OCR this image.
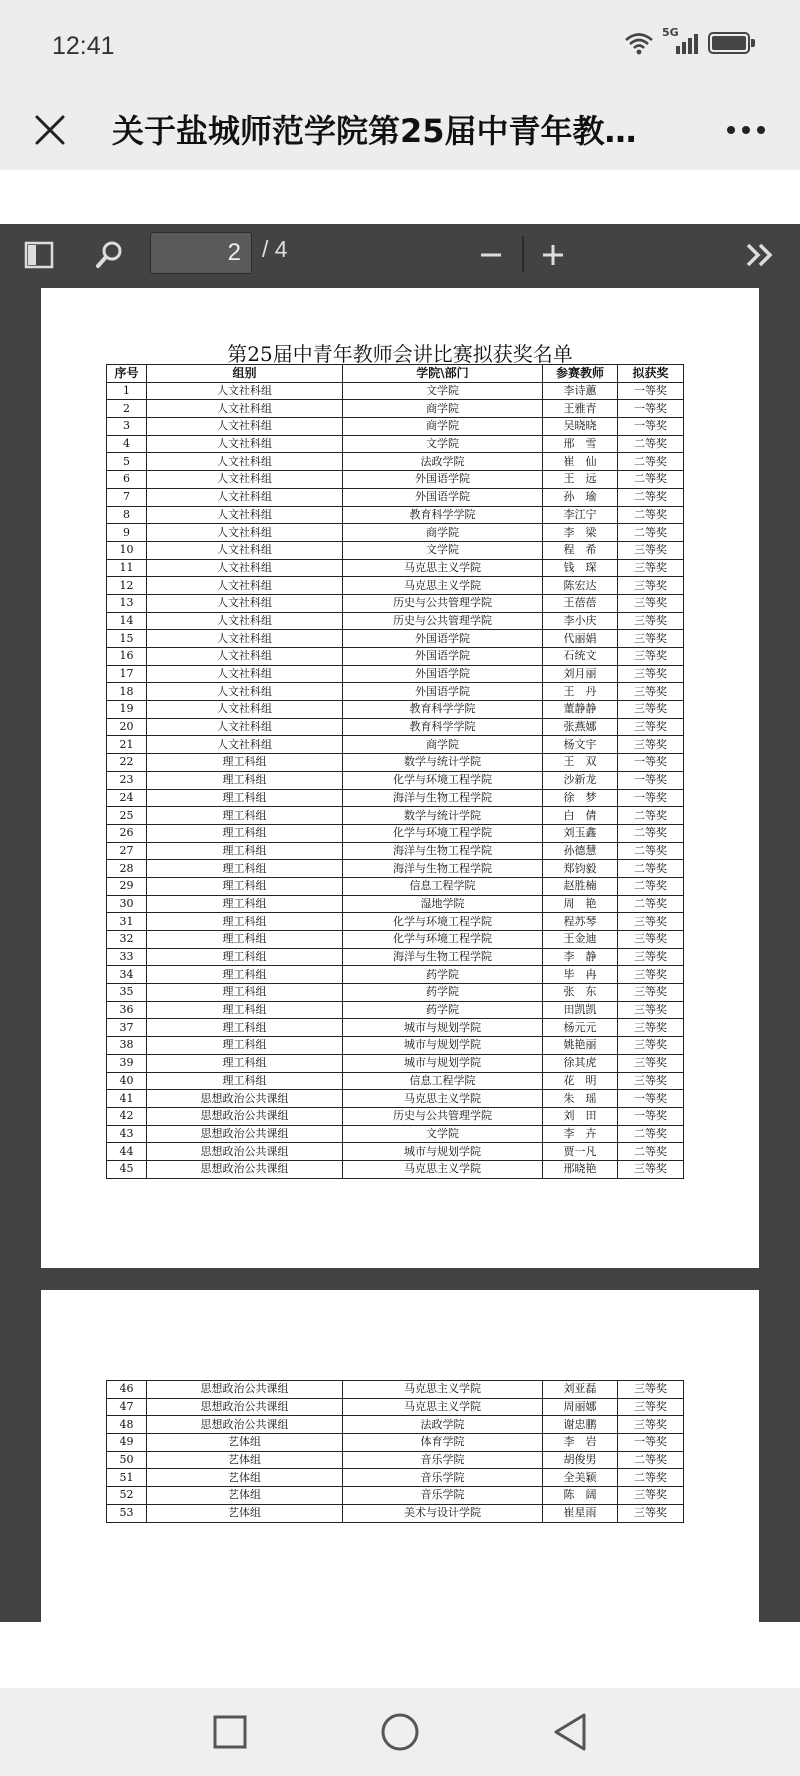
12:41	5G
关于盐城师范学院第25届中青年教…
2 / 4
第25届中青年教师会讲比赛拟获奖名单
序号	组别	学院\部门	参赛教师	拟获奖
1	人文社科组	文学院	李诗蕙	一等奖
2	人文社科组	商学院	王雅青	一等奖
3	人文社科组	商学院	吴晓晓	一等奖
4	人文社科组	文学院	邢　雪	二等奖
5	人文社科组	法政学院	崔　仙	二等奖
6	人文社科组	外国语学院	王　远	二等奖
7	人文社科组	外国语学院	孙　瑜	二等奖
8	人文社科组	教育科学学院	李江宁	二等奖
9	人文社科组	商学院	李　梁	二等奖
10	人文社科组	文学院	程　希	三等奖
11	人文社科组	马克思主义学院	钱　琛	三等奖
12	人文社科组	马克思主义学院	陈宏达	三等奖
13	人文社科组	历史与公共管理学院	王蓓蓓	三等奖
14	人文社科组	历史与公共管理学院	李小庆	三等奖
15	人文社科组	外国语学院	代丽娟	三等奖
16	人文社科组	外国语学院	石统文	三等奖
17	人文社科组	外国语学院	刘月丽	三等奖
18	人文社科组	外国语学院	王　丹	三等奖
19	人文社科组	教育科学学院	董静静	三等奖
20	人文社科组	教育科学学院	张燕娜	三等奖
21	人文社科组	商学院	杨文宇	三等奖
22	理工科组	数学与统计学院	王　双	一等奖
23	理工科组	化学与环境工程学院	沙新龙	一等奖
24	理工科组	海洋与生物工程学院	徐　梦	一等奖
25	理工科组	数学与统计学院	白　倩	二等奖
26	理工科组	化学与环境工程学院	刘玉鑫	二等奖
27	理工科组	海洋与生物工程学院	孙德慧	二等奖
28	理工科组	海洋与生物工程学院	郑钧毅	二等奖
29	理工科组	信息工程学院	赵胜楠	二等奖
30	理工科组	湿地学院	周　艳	二等奖
31	理工科组	化学与环境工程学院	程苏琴	三等奖
32	理工科组	化学与环境工程学院	王金迪	三等奖
33	理工科组	海洋与生物工程学院	李　静	三等奖
34	理工科组	药学院	毕　冉	三等奖
35	理工科组	药学院	张　东	三等奖
36	理工科组	药学院	田凯凯	三等奖
37	理工科组	城市与规划学院	杨元元	三等奖
38	理工科组	城市与规划学院	姚艳丽	三等奖
39	理工科组	城市与规划学院	徐其虎	三等奖
40	理工科组	信息工程学院	花　明	三等奖
41	思想政治公共课组	马克思主义学院	朱　瑶	一等奖
42	思想政治公共课组	历史与公共管理学院	刘　田	一等奖
43	思想政治公共课组	文学院	李　卉	二等奖
44	思想政治公共课组	城市与规划学院	贾一凡	二等奖
45	思想政治公共课组	马克思主义学院	邢晓艳	三等奖
46	思想政治公共课组	马克思主义学院	刘亚磊	三等奖
47	思想政治公共课组	马克思主义学院	周丽娜	三等奖
48	思想政治公共课组	法政学院	谢忠鹏	三等奖
49	艺体组	体育学院	李　岩	一等奖
50	艺体组	音乐学院	胡俊男	二等奖
51	艺体组	音乐学院	全美颖	二等奖
52	艺体组	音乐学院	陈　阔	三等奖
53	艺体组	美术与设计学院	崔星雨	三等奖
